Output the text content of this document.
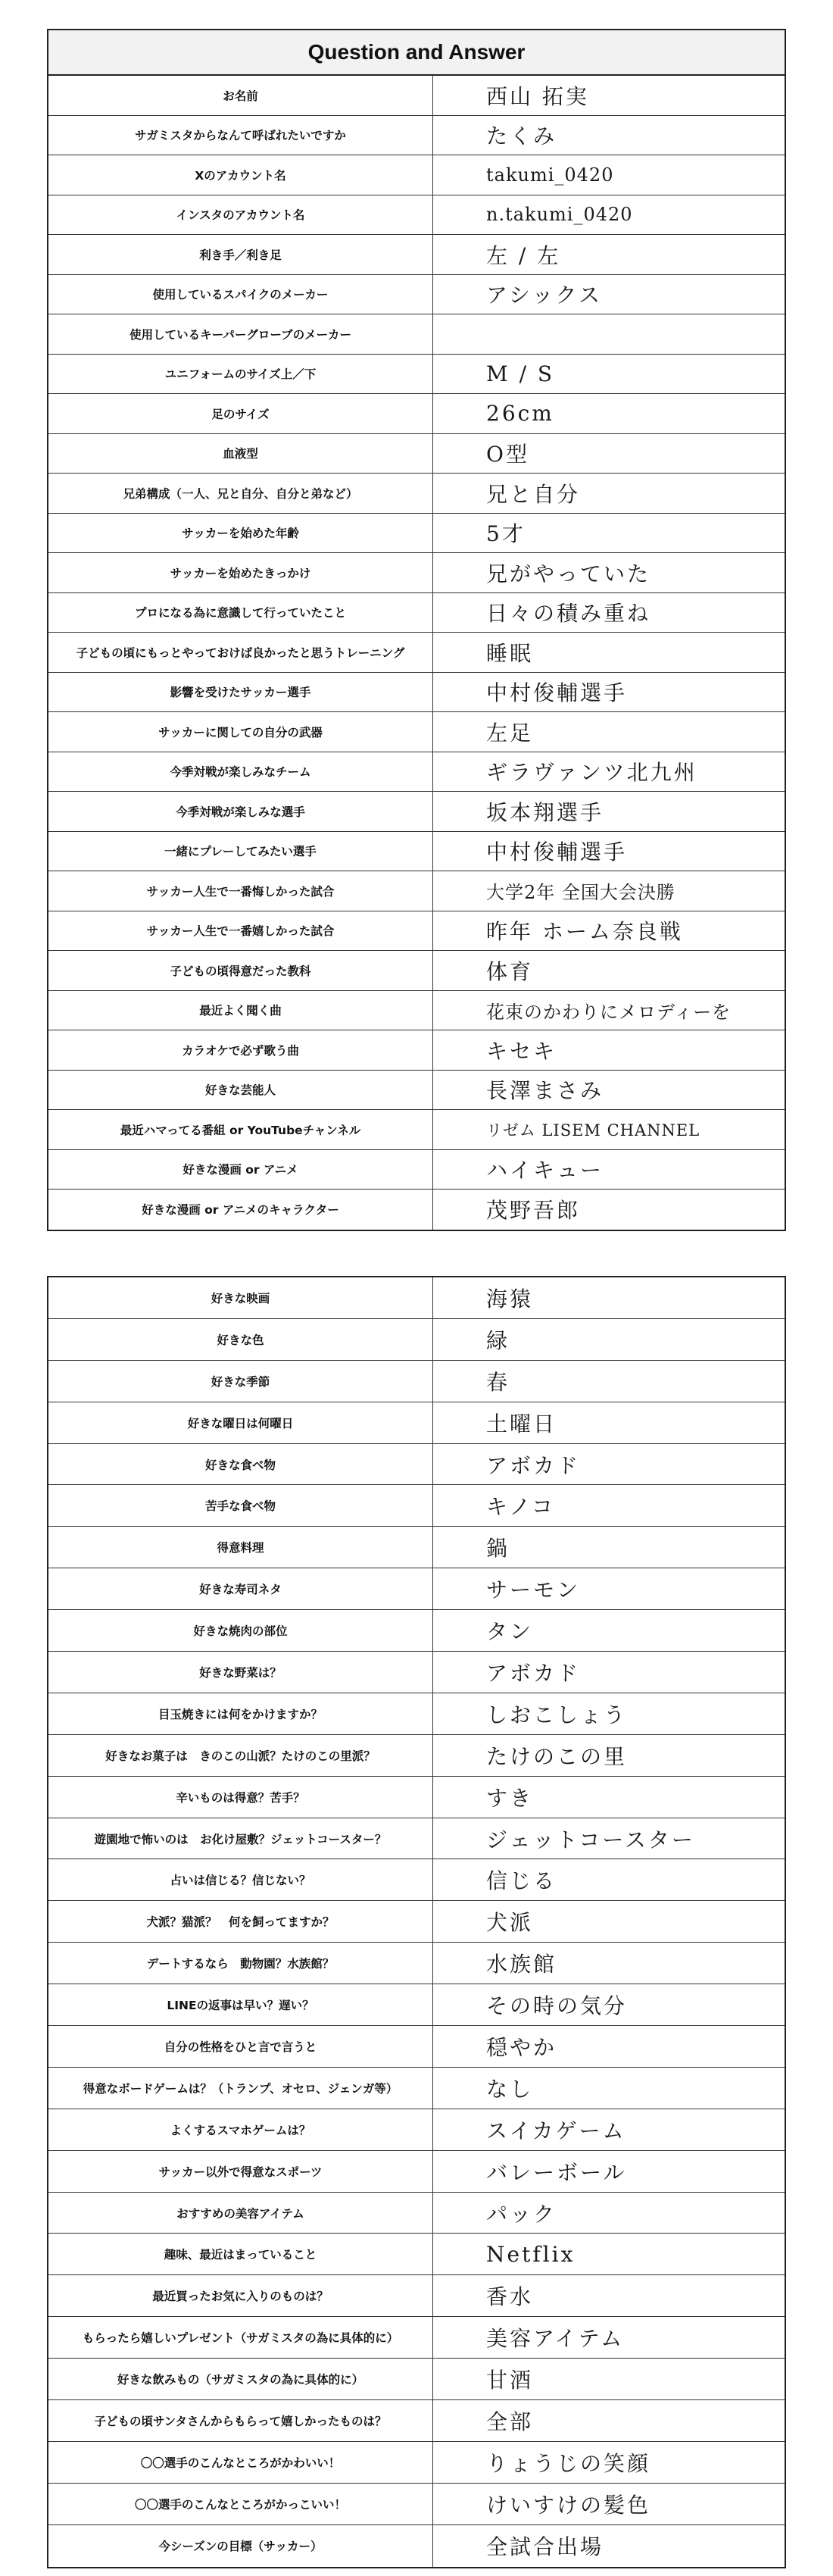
Question and Answer
お名前	西山 拓実
サガミスタからなんて呼ばれたいですか	たくみ
Xのアカウント名	takumi_0420
インスタのアカウント名	n.takumi_0420
利き手／利き足	左 / 左
使用しているスパイクのメーカー	アシックス
使用しているキーパーグローブのメーカー
ユニフォームのサイズ上／下	M / S
足のサイズ	26cm
血液型	O型
兄弟構成（一人、兄と自分、自分と弟など）	兄と自分
サッカーを始めた年齢	5才
サッカーを始めたきっかけ	兄がやっていた
プロになる為に意識して行っていたこと	日々の積み重ね
子どもの頃にもっとやっておけば良かったと思うトレーニング	睡眠
影響を受けたサッカー選手	中村俊輔選手
サッカーに関しての自分の武器	左足
今季対戦が楽しみなチーム	ギラヴァンツ北九州
今季対戦が楽しみな選手	坂本翔選手
一緒にプレーしてみたい選手	中村俊輔選手
サッカー人生で一番悔しかった試合	大学2年 全国大会決勝
サッカー人生で一番嬉しかった試合	昨年 ホーム奈良戦
子どもの頃得意だった教科	体育
最近よく聞く曲	花束のかわりにメロディーを
カラオケで必ず歌う曲	キセキ
好きな芸能人	長澤まさみ
最近ハマってる番組 or YouTubeチャンネル	リゼム LISEM CHANNEL
好きな漫画 or アニメ	ハイキュー
好きな漫画 or アニメのキャラクター	茂野吾郎
好きな映画	海猿
好きな色	緑
好きな季節	春
好きな曜日は何曜日	土曜日
好きな食べ物	アボカド
苦手な食べ物	キノコ
得意料理	鍋
好きな寿司ネタ	サーモン
好きな焼肉の部位	タン
好きな野菜は？	アボカド
目玉焼きには何をかけますか？	しおこしょう
好きなお菓子は　きのこの山派？たけのこの里派？	たけのこの里
辛いものは得意？苦手？	すき
遊園地で怖いのは　お化け屋敷？ジェットコースター？	ジェットコースター
占いは信じる？信じない？	信じる
犬派？猫派？　何を飼ってますか？	犬派
デートするなら　動物園？水族館？	水族館
LINEの返事は早い？遅い？	その時の気分
自分の性格をひと言で言うと	穏やか
得意なボードゲームは？（トランプ、オセロ、ジェンガ等）	なし
よくするスマホゲームは？	スイカゲーム
サッカー以外で得意なスポーツ	バレーボール
おすすめの美容アイテム	パック
趣味、最近はまっていること	Netflix
最近買ったお気に入りのものは？	香水
もらったら嬉しいプレゼント（サガミスタの為に具体的に）	美容アイテム
好きな飲みもの（サガミスタの為に具体的に）	甘酒
子どもの頃サンタさんからもらって嬉しかったものは？	全部
〇〇選手のこんなところがかわいい！	りょうじの笑顔
〇〇選手のこんなところがかっこいい！	けいすけの髪色
今シーズンの目標（サッカー）	全試合出場
